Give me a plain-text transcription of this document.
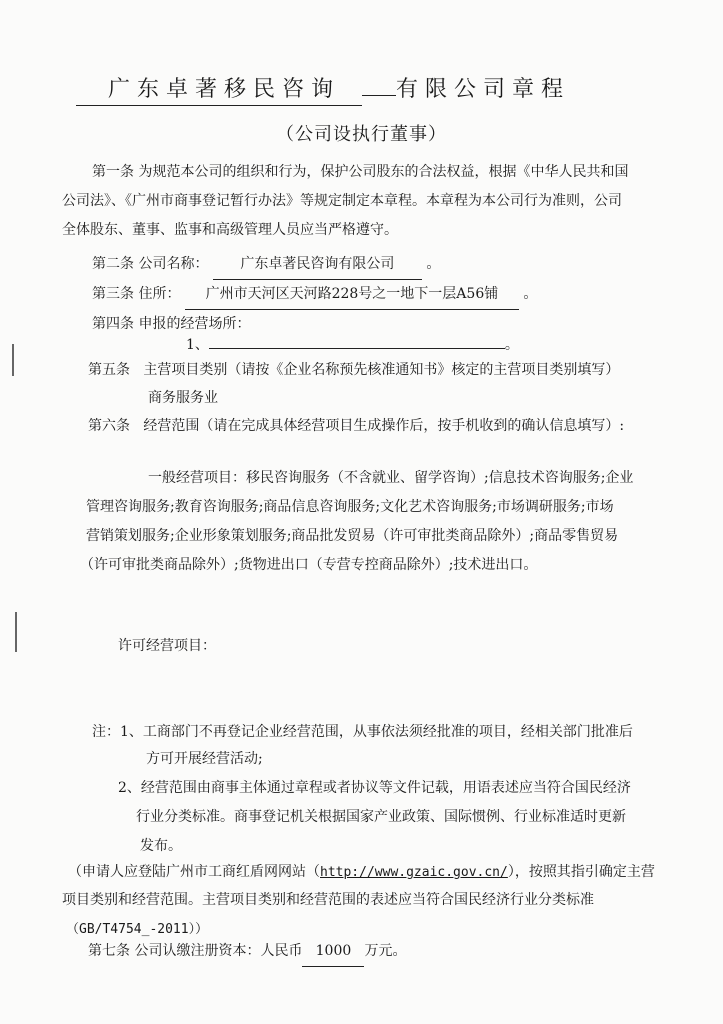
广东卓著移民咨询	有限公司章程
（公司设执行董事）
第一条 为规范本公司的组织和行为，保护公司股东的合法权益，根据《中华人民共和国
公司法》、《广州市商事登记暂行办法》等规定制定本章程。本章程为本公司行为准则，公司
全体股东、董事、监事和高级管理人员应当严格遵守。
第二条 公司名称： 广东卓著民咨询有限公司 。
第三条 住所： 广州市天河区天河路228号之一地下一层A56铺 。
第四条 申报的经营场所：
1、	。
第五条 主营项目类别（请按《企业名称预先核准通知书》核定的主营项目类别填写）
商务服务业
第六条 经营范围（请在完成具体经营项目生成操作后，按手机收到的确认信息填写）:
一般经营项目：移民咨询服务（不含就业、留学咨询）;信息技术咨询服务;企业
管理咨询服务;教育咨询服务;商品信息咨询服务;文化艺术咨询服务;市场调研服务;市场
营销策划服务;企业形象策划服务;商品批发贸易（许可审批类商品除外）;商品零售贸易
（许可审批类商品除外）;货物进出口（专营专控商品除外）;技术进出口。
许可经营项目：
注：1、工商部门不再登记企业经营范围，从事依法须经批准的项目，经相关部门批准后
方可开展经营活动;
2、经营范围由商事主体通过章程或者协议等文件记载，用语表述应当符合国民经济
行业分类标准。商事登记机关根据国家产业政策、国际惯例、行业标准适时更新
发布。
（申请人应登陆广州市工商红盾网网站（http://www.gzaic.gov.cn/），按照其指引确定主营
项目类别和经营范围。主营项目类别和经营范围的表述应当符合国民经济行业分类标准
（GB/T4754_-2011））
第七条 公司认缴注册资本：人民币 1000 万元。
